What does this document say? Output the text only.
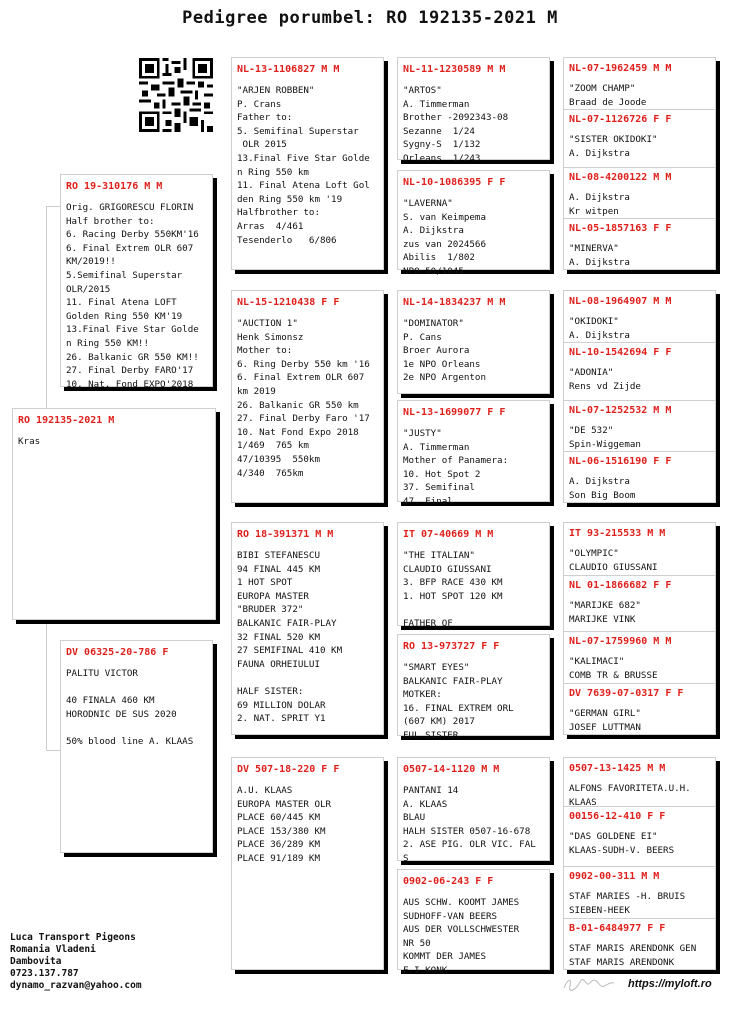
Pedigree porumbel: RO 192135-2021 M
RO 192135-2021 M
Kras
RO 19-310176 M M
Orig. GRIGORESCU FLORIN
Half brother to:
6. Racing Derby 550KM'16
6. Final Extrem OLR 607 KM/2019!!
5.Semifinal Superstar OLR/2015
11. Final Atena LOFT Golden Ring 550 KM'19
13.Final Five Star Golde n Ring 550 KM!!
26. Balkanic GR 550 KM!!
27. Final Derby FARO'17
10. Nat. Fond EXPO'2018
DV 06325-20-786 F
PALITU VICTOR

40 FINALA 460 KM
HORODNIC DE SUS 2020

50% blood line A. KLAAS
NL-13-1106827 M M
"ARJEN ROBBEN"
P. Crans
Father to:
5. Semifinal Superstar
OLR 2015
13.Final Five Star Golde n Ring 550 km
11. Final Atena Loft Gol den Ring 550 km '19
Halfbrother to:
Arras  4/461
Tesenderlo   6/806
NL-15-1210438 F F
"AUCTION 1"
Henk Simonsz
Mother to:
6. Ring Derby 550 km '16
6. Final Extrem OLR 607 km 2019
26. Balkanic GR 550 km
27. Final Derby Faro '17
10. Nat Fond Expo 2018
1/469  765 km
47/10395  550km
4/340  765km
RO 18-391371 M M
BIBI STEFANESCU
94 FINAL 445 KM
1 HOT SPOT
EUROPA MASTER
"BRUDER 372"
BALKANIC FAIR-PLAY
32 FINAL 520 KM
27 SEMIFINAL 410 KM
FAUNA ORHEIULUI

HALF SISTER:
69 MILLION DOLAR
2. NAT. SPRIT Y1
DV 507-18-220 F F
A.U. KLAAS
EUROPA MASTER OLR
PLACE 60/445 KM
PLACE 153/380 KM
PLACE 36/289 KM
PLACE 91/189 KM
NL-11-1230589 M M
"ARTOS"
A. Timmerman
Brother -2092343-08
Sezanne  1/24
Sygny-S  1/132
Orleans  1/243
NL-10-1086395 F F
"LAVERNA"
S. van Keimpema
A. Dijkstra
zus van 2024566
Abilis  1/802
NPO 50/1045
NL-14-1834237 M M
"DOMINATOR"
P. Cans
Broer Aurora
1e NPO Orleans
2e NPO Argenton
NL-13-1699077 F F
"JUSTY"
A. Timmerman
Mother of Panamera:
10. Hot Spot 2
37. Semifinal
47. Final
IT 07-40669 M M
"THE ITALIAN"
CLAUDIO GIUSSANI
3. BFP RACE 430 KM
1. HOT SPOT 120 KM

FATHER OF
RO 13-973727 F F
"SMART EYES"
BALKANIC FAIR-PLAY
MOTKER:
16. FINAL EXTREM ORL
(607 KM) 2017
FUL SISTER
0507-14-1120 M M
PANTANI 14
A. KLAAS
BLAU
HALH SISTER 0507-16-678
2. ASE PIG. OLR VIC. FAL
S
0902-06-243 F F
AUS SCHW. KOOMT JAMES
SUDHOFF-VAN BEERS
AUS DER VOLLSCHWESTER
NR 50
KOMMT DER JAMES
F.I.KONK
NL-07-1962459 M M
"ZOOM CHAMP"
Braad de Joode
NL-07-1126726 F F
"SISTER OKIDOKI"
A. Dijkstra
NL-08-4200122 M M
A. Dijkstra
Kr witpen
NL-05-1857163 F F
"MINERVA"
A. Dijkstra
NL-08-1964907 M M
"OKIDOKI"
A. Dijkstra
NL-10-1542694 F F
"ADONIA"
Rens vd Zijde
NL-07-1252532 M M
"DE 532"
Spin-Wiggeman
NL-06-1516190 F F
A. Dijkstra
Son Big Boom
IT 93-215533 M M
"OLYMPIC"
CLAUDIO GIUSSANI
NL 01-1866682 F F
"MARIJKE 682"
MARIJKE VINK
NL-07-1759960 M M
"KALIMACI"
COMB TR & BRUSSE
DV 7639-07-0317 F F
"GERMAN GIRL"
JOSEF LUTTMAN
0507-13-1425 M M
ALFONS FAVORITETA.U.H.
KLAAS
00156-12-410 F F
"DAS GOLDENE EI"
KLAAS-SUDH-V. BEERS
0902-00-311 M M
STAF MARIES -H. BRUIS
SIEBEN-HEEK
B-01-6484977 F F
STAF MARIS ARENDONK GEN
STAF MARIS ARENDONK
Luca Transport Pigeons
Romania Vladeni
Dambovita
0723.137.787
dynamo_razvan@yahoo.com	https://myloft.ro
